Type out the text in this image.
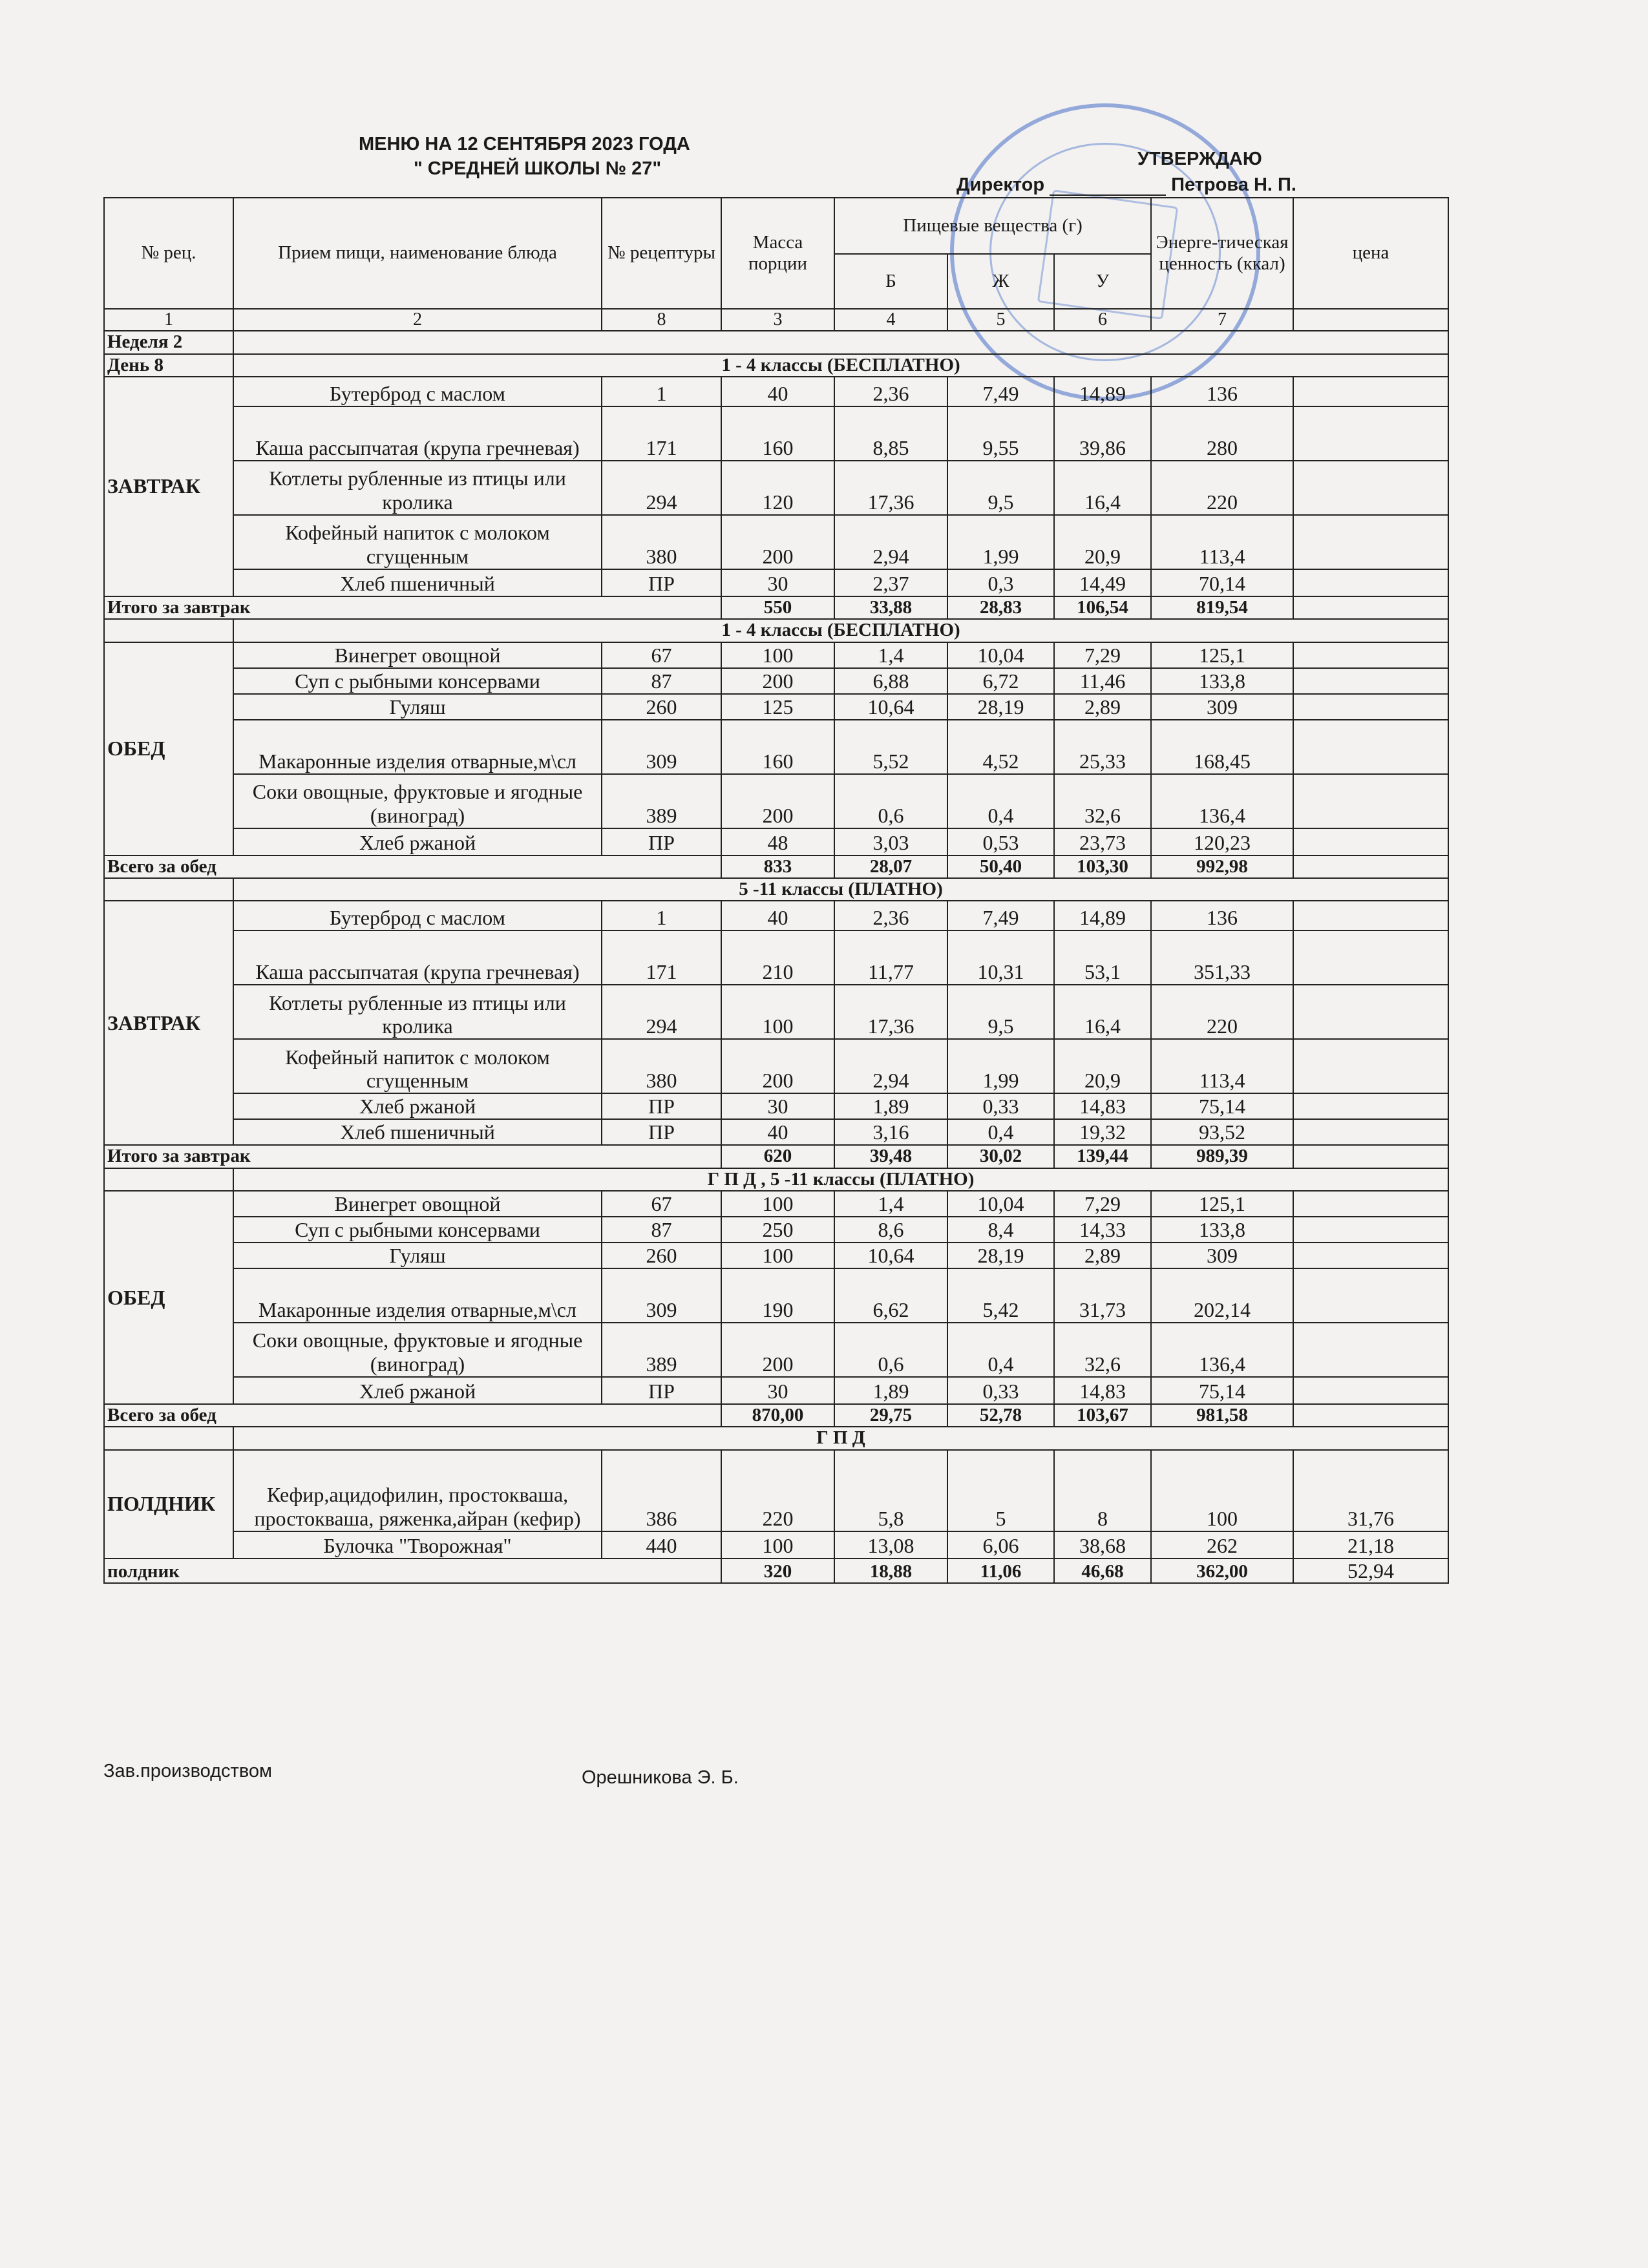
МЕНЮ НА 12 СЕНТЯБРЯ 2023 ГОДА
" СРЕДНЕЙ ШКОЛЫ № 27"	УТВЕРЖДАЮ
Директор	Петрова Н. П.
№ рец.	Прием пищи, наименование блюда	№ рецептуры	Масса порции	Пищевые вещества (г)			Энерге-тическая ценность (ккал)	цена
				Б	Ж	У		
1	2	8	3	4	5	6	7	
Неделя 2								
День 8	1 - 4 классы (БЕСПЛАТНО)							
ЗАВТРАК	Бутерброд с маслом	1	40	2,36	7,49	14,89	136	
	Каша рассыпчатая (крупа гречневая)	171	160	8,85	9,55	39,86	280	
	Котлеты рубленные из птицы или кролика	294	120	17,36	9,5	16,4	220	
	Кофейный напиток с молоком сгущенным	380	200	2,94	1,99	20,9	113,4	
	Хлеб пшеничный	ПР	30	2,37	0,3	14,49	70,14	
Итого за завтрак			550	33,88	28,83	106,54	819,54	
	1 - 4 классы (БЕСПЛАТНО)							
ОБЕД	Винегрет овощной	67	100	1,4	10,04	7,29	125,1	
	Суп с рыбными консервами	87	200	6,88	6,72	11,46	133,8	
	Гуляш	260	125	10,64	28,19	2,89	309	
	Макаронные изделия отварные,м\сл	309	160	5,52	4,52	25,33	168,45	
	Соки овощные, фруктовые и ягодные (виноград)	389	200	0,6	0,4	32,6	136,4	
	Хлеб ржаной	ПР	48	3,03	0,53	23,73	120,23	
Всего за обед			833	28,07	50,40	103,30	992,98	
	5 -11 классы (ПЛАТНО)							
ЗАВТРАК	Бутерброд с маслом	1	40	2,36	7,49	14,89	136	
	Каша рассыпчатая (крупа гречневая)	171	210	11,77	10,31	53,1	351,33	
	Котлеты рубленные из птицы или кролика	294	100	17,36	9,5	16,4	220	
	Кофейный напиток с молоком сгущенным	380	200	2,94	1,99	20,9	113,4	
	Хлеб ржаной	ПР	30	1,89	0,33	14,83	75,14	
	Хлеб пшеничный	ПР	40	3,16	0,4	19,32	93,52	
Итого за завтрак			620	39,48	30,02	139,44	989,39	
	Г П Д , 5 -11 классы (ПЛАТНО)							
ОБЕД	Винегрет овощной	67	100	1,4	10,04	7,29	125,1	
	Суп с рыбными консервами	87	250	8,6	8,4	14,33	133,8	
	Гуляш	260	100	10,64	28,19	2,89	309	
	Макаронные изделия отварные,м\сл	309	190	6,62	5,42	31,73	202,14	
	Соки овощные, фруктовые и ягодные (виноград)	389	200	0,6	0,4	32,6	136,4	
	Хлеб ржаной	ПР	30	1,89	0,33	14,83	75,14	
Всего за обед			870,00	29,75	52,78	103,67	981,58	
	Г П Д							
ПОЛДНИК	Кефир,ацидофилин, простокваша, простокваша, ряженка,айран (кефир)	386	220	5,8	5	8	100	31,76
	Булочка "Творожная"	440	100	13,08	6,06	38,68	262	21,18
полдник			320	18,88	11,06	46,68	362,00	52,94
Зав.производством	Орешникова Э. Б.
